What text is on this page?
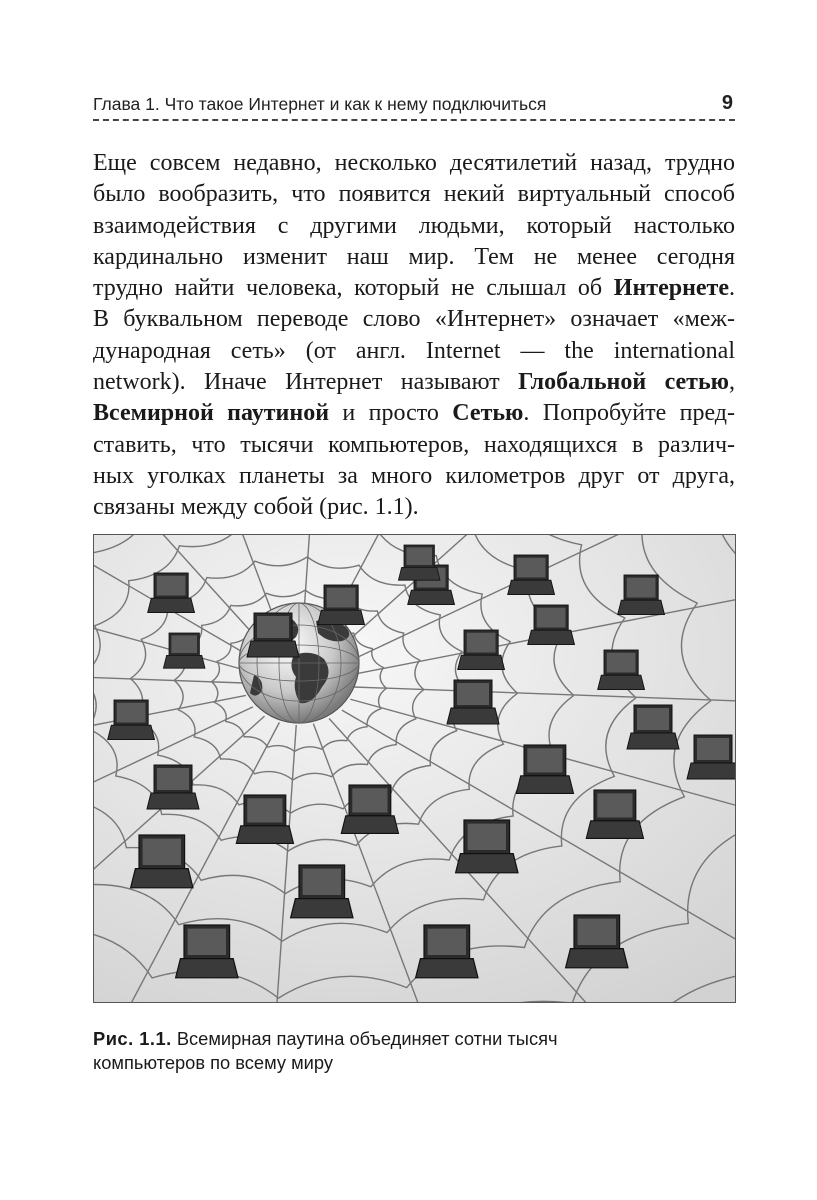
Глава 1. Что такое Интернет и как к нему подключиться	9
Еще совсем недавно, несколько десятилетий назад, трудно
было вообразить, что появится некий виртуальный способ
взаимодействия с другими людьми, который настолько
кардинально изменит наш мир. Тем не менее сегодня
трудно найти человека, который не слышал об Интернете.
В буквальном переводе слово «Интернет» означает «меж-
дународная сеть» (от англ. Internet — the international
network). Иначе Интернет называют Глобальной сетью,
Всемирной паутиной и просто Сетью. Попробуйте пред-
ставить, что тысячи компьютеров, находящихся в различ-
ных уголках планеты за много километров друг от друга,
связаны между собой (рис. 1.1).
Рис. 1.1. Всемирная паутина объединяет сотни тысяч
компьютеров по всему миру
